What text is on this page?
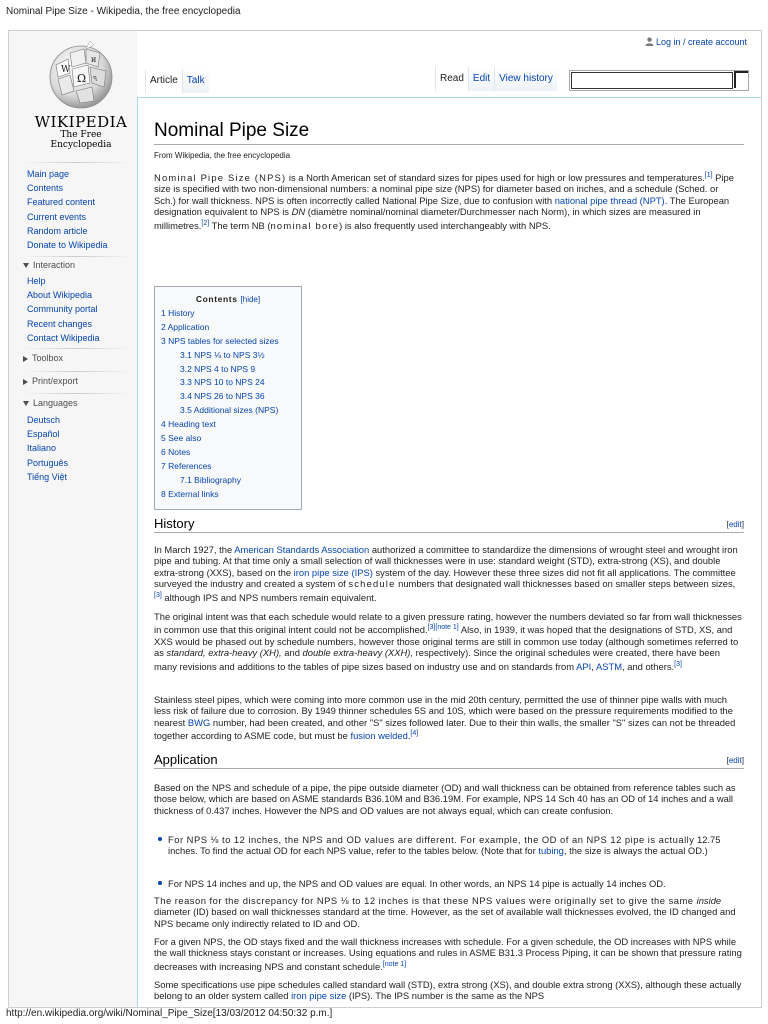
Nominal Pipe Size - Wikipedia, the free encyclopedia
Ω
W
и
ঀ
WIKIPEDIA
The Free Encyclopedia
Main page
Contents
Featured content
Current events
Random article
Donate to Wikipedia
Interaction
Help
About Wikipedia
Community portal
Recent changes
Contact Wikipedia
Toolbox
Print/export
Languages
Deutsch
Español
Italiano
Português
Tiếng Việt
Log in / create account
Article Talk	Read Edit View history
Nominal Pipe Size
From Wikipedia, the free encyclopedia

Nominal Pipe Size (NPS) is a North American set of standard sizes for pipes used for high or low pressures and temperatures.[1] Pipe size is specified with two non-dimensional numbers: a nominal pipe size (NPS) for diameter based on inches, and a schedule (Sched. or Sch.) for wall thickness. NPS is often incorrectly called National Pipe Size, due to confusion with national pipe thread (NPT). The European designation equivalent to NPS is DN (diamètre nominal/nominal diameter/Durchmesser nach Norm), in which sizes are measured in millimetres.[2] The term NB (nominal bore) is also frequently used interchangeably with NPS.

Contents [hide]
1 History
2 Application
3 NPS tables for selected sizes
3.1 NPS ⅛ to NPS 3½
3.2 NPS 4 to NPS 9
3.3 NPS 10 to NPS 24
3.4 NPS 26 to NPS 36
3.5 Additional sizes (NPS)
4 Heading text
5 See also
6 Notes
7 References
7.1 Bibliography
8 External links
History	[edit]

In March 1927, the American Standards Association authorized a committee to standardize the dimensions of wrought steel and wrought iron pipe and tubing. At that time only a small selection of wall thicknesses were in use: standard weight (STD), extra-strong (XS), and double extra-strong (XXS), based on the iron pipe size (IPS) system of the day. However these three sizes did not fit all applications. The committee surveyed the industry and created a system of schedule numbers that designated wall thicknesses based on smaller steps between sizes,[3] although IPS and NPS numbers remain equivalent.

The original intent was that each schedule would relate to a given pressure rating, however the numbers deviated so far from wall thicknesses in common use that this original intent could not be accomplished.[3][note 1] Also, in 1939, it was hoped that the designations of STD, XS, and XXS would be phased out by schedule numbers, however those original terms are still in common use today (although sometimes referred to as standard, extra-heavy (XH), and double extra-heavy (XXH), respectively). Since the original schedules were created, there have been many revisions and additions to the tables of pipe sizes based on industry use and on standards from API, ASTM, and others.[3]

Stainless steel pipes, which were coming into more common use in the mid 20th century, permitted the use of thinner pipe walls with much less risk of failure due to corrosion. By 1949 thinner schedules 5S and 10S, which were based on the pressure requirements modified to the nearest BWG number, had been created, and other "S" sizes followed later. Due to their thin walls, the smaller "S" sizes can not be threaded together according to ASME code, but must be fusion welded.[4]

Application	[edit]

Based on the NPS and schedule of a pipe, the pipe outside diameter (OD) and wall thickness can be obtained from reference tables such as those below, which are based on ASME standards B36.10M and B36.19M. For example, NPS 14 Sch 40 has an OD of 14 inches and a wall thickness of 0.437 inches. However the NPS and OD values are not always equal, which can create confusion.

For NPS ⅛ to 12 inches, the NPS and OD values are different. For example, the OD of an NPS 12 pipe is actually 12.75 inches. To find the actual OD for each NPS value, refer to the tables below. (Note that for tubing, the size is always the actual OD.)
For NPS 14 inches and up, the NPS and OD values are equal. In other words, an NPS 14 pipe is actually 14 inches OD.

The reason for the discrepancy for NPS ⅛ to 12 inches is that these NPS values were originally set to give the same inside diameter (ID) based on wall thicknesses standard at the time. However, as the set of available wall thicknesses evolved, the ID changed and NPS became only indirectly related to ID and OD.

For a given NPS, the OD stays fixed and the wall thickness increases with schedule. For a given schedule, the OD increases with NPS while the wall thickness stays constant or increases. Using equations and rules in ASME B31.3 Process Piping, it can be shown that pressure rating decreases with increasing NPS and constant schedule.[note 1]

Some specifications use pipe schedules called standard wall (STD), extra strong (XS), and double extra strong (XXS), although these actually belong to an older system called iron pipe size (IPS). The IPS number is the same as the NPS

http://en.wikipedia.org/wiki/Nominal_Pipe_Size[13/03/2012 04:50:32 p.m.]
